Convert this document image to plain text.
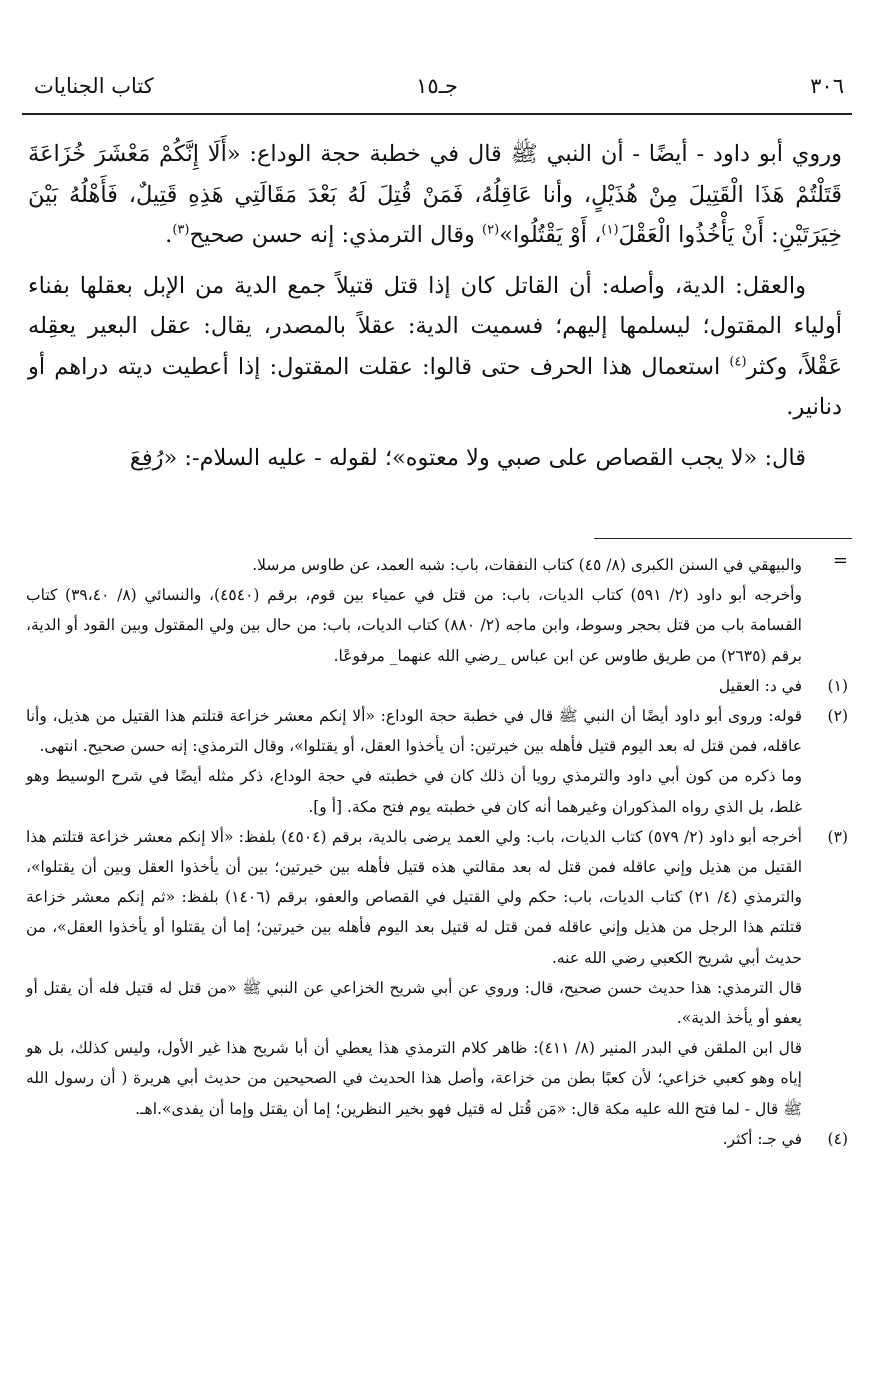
٣٠٦
جـ١٥
كتاب الجنايات

وروي أبو داود - أيضًا - أن النبي ﷺ قال في خطبة حجة الوداع: «أَلَا إِنَّكُمْ مَعْشَرَ خُزَاعَةَ قَتَلْتُمْ هَذَا الْقَتِيلَ مِنْ هُذَيْلٍ، وأنا عَاقِلُهُ، فَمَنْ قُتِلَ لَهُ بَعْدَ مَقَالَتِي هَذِهِ قَتِيلٌ، فَأَهْلُهُ بَيْنَ خِيَرَتَيْنِ: أَنْ يَأْخُذُوا الْعَقْلَ$^{(١)}$، أَوْ يَقْتُلُوا»$^{(٢)}$ وقال الترمذي: إنه حسن صحيح$^{(٣)}$.

والعقل: الدية، وأصله: أن القاتل كان إذا قتل قتيلاً جمع الدية من الإبل بعقلها بفناء أولياء المقتول؛ ليسلمها إليهم؛ فسميت الدية: عقلاً بالمصدر، يقال: عقل البعير يعقِله عَقْلاً، وكثر$^{(٤)}$ استعمال هذا الحرف حتى قالوا: عقلت المقتول: إذا أعطيت ديته دراهم أو دنانير.

قال: «لا يجب القصاص على صبي ولا معتوه»؛ لقوله - عليه السلام-: «رُفِعَ

=

والبيهقي في السنن الكبرى (٨/ ٤٥) كتاب النفقات، باب: شبه العمد، عن طاوس مرسلا.

وأخرجه أبو داود (٢/ ٥٩١) كتاب الديات، باب: من قتل في عمياء بين قوم، برقم (٤٥٤٠)، والنسائي (٨/ ٣٩،٤٠) كتاب القسامة باب من قتل بحجر وسوط، وابن ماجه (٢/ ٨٨٠) كتاب الديات، باب: من حال بين ولي المقتول وبين القود أو الدية، برقم (٢٦٣٥) من طريق طاوس عن ابن عباس _رضي الله عنهما_ مرفوعًا.

(١)

في د: العقيل

(٢)

قوله: وروى أبو داود أيضًا أن النبي ﷺ قال في خطبة حجة الوداع: «ألا إنكم معشر خزاعة قتلتم هذا القتيل من هذيل، وأنا عاقله، فمن قتل له بعد اليوم قتيل فأهله بين خيرتين: أن يأخذوا العقل، أو يقتلوا»، وقال الترمذي: إنه حسن صحيح. انتهى.

وما ذكره من كون أبي داود والترمذي رويا أن ذلك كان في خطبته في حجة الوداع، ذكر مثله أيضًا في شرح الوسيط وهو غلط، بل الذي رواه المذكوران وغيرهما أنه كان في خطبته يوم فتح مكة. [أ و].

(٣)

أخرجه أبو داود (٢/ ٥٧٩) كتاب الديات، باب: ولي العمد يرضى بالدية، برقم (٤٥٠٤) بلفظ: «ألا إنكم معشر خزاعة قتلتم هذا القتيل من هذيل وإني عاقله فمن قتل له بعد مقالتي هذه قتيل فأهله بين خيرتين؛ بين أن يأخذوا العقل وبين أن يقتلوا»، والترمذي (٤/ ٢١) كتاب الديات، باب: حكم ولي القتيل في القصاص والعفو، برقم (١٤٠٦) بلفظ: «ثم إنكم معشر خزاعة قتلتم هذا الرجل من هذيل وإني عاقله فمن قتل له قتيل بعد اليوم فأهله بين خيرتين؛ إما أن يقتلوا أو يأخذوا العقل»، من حديث أبي شريح الكعبي رضي الله عنه.

قال الترمذي: هذا حديث حسن صحيح، قال: وروي عن أبي شريح الخزاعي عن النبي ﷺ «من قتل له قتيل فله أن يقتل أو يعفو أو يأخذ الدية».

قال ابن الملقن في البدر المنير (٨/ ٤١١): ظاهر كلام الترمذي هذا يعطي أن أبا شريح هذا غير الأول، وليس كذلك، بل هو إياه وهو كعبي خزاعي؛ لأن كعبًا بطن من خزاعة، وأصل هذا الحديث في الصحيحين من حديث أبي هريرة ( أن رسول الله ﷺ قال - لما فتح الله عليه مكة قال: «مَن قُتل له قتيل فهو بخير النظرين؛ إما أن يقتل وإما أن يفدى».اهـ.

(٤)

في جـ: أكثر.
